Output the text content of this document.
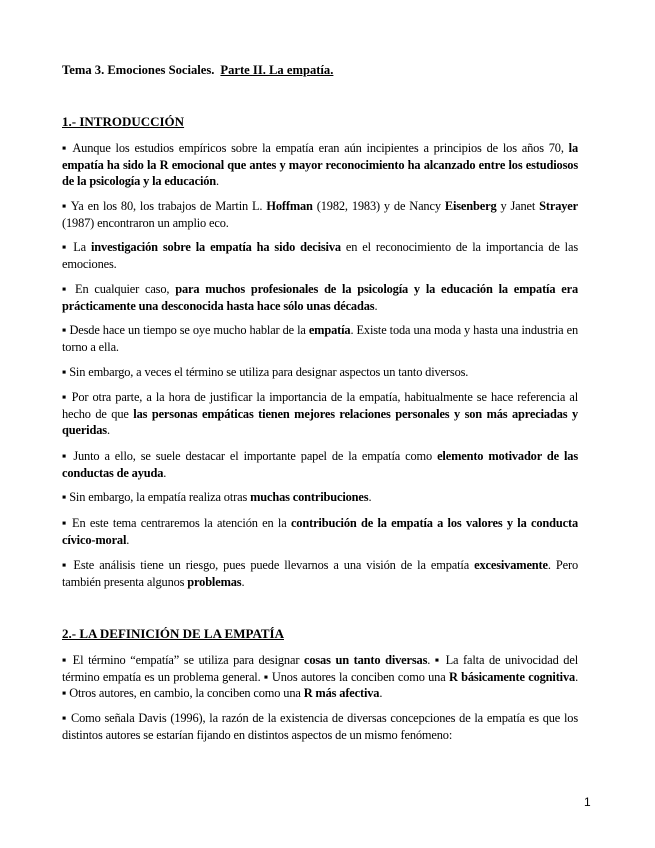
Tema 3. Emociones Sociales. Parte II. La empatía.
1.- INTRODUCCIÓN
▪ Aunque los estudios empíricos sobre la empatía eran aún incipientes a principios de los años 70, la empatía ha sido la R emocional que antes y mayor reconocimiento ha alcanzado entre los estudiosos de la psicología y la educación.
▪ Ya en los 80, los trabajos de Martin L. Hoffman (1982, 1983) y de Nancy Eisenberg y Janet Strayer (1987) encontraron un amplio eco.
▪ La investigación sobre la empatía ha sido decisiva en el reconocimiento de la importancia de las emociones.
▪ En cualquier caso, para muchos profesionales de la psicología y la educación la empatía era prácticamente una desconocida hasta hace sólo unas décadas.
▪ Desde hace un tiempo se oye mucho hablar de la empatía. Existe toda una moda y hasta una industria en torno a ella.
▪ Sin embargo, a veces el término se utiliza para designar aspectos un tanto diversos.
▪ Por otra parte, a la hora de justificar la importancia de la empatía, habitualmente se hace referencia al hecho de que las personas empáticas tienen mejores relaciones personales y son más apreciadas y queridas.
▪ Junto a ello, se suele destacar el importante papel de la empatía como elemento motivador de las conductas de ayuda.
▪ Sin embargo, la empatía realiza otras muchas contribuciones.
▪ En este tema centraremos la atención en la contribución de la empatía a los valores y la conducta cívico-moral.
▪ Este análisis tiene un riesgo, pues puede llevarnos a una visión de la empatía excesivamente. Pero también presenta algunos problemas.
2.- LA DEFINICIÓN DE LA EMPATÍA
▪ El término “empatía” se utiliza para designar cosas un tanto diversas. ▪ La falta de univocidad del término empatía es un problema general. ▪ Unos autores la conciben como una R básicamente cognitiva. ▪ Otros autores, en cambio, la conciben como una R más afectiva.
▪ Como señala Davis (1996), la razón de la existencia de diversas concepciones de la empatía es que los distintos autores se estarían fijando en distintos aspectos de un mismo fenómeno:
1
